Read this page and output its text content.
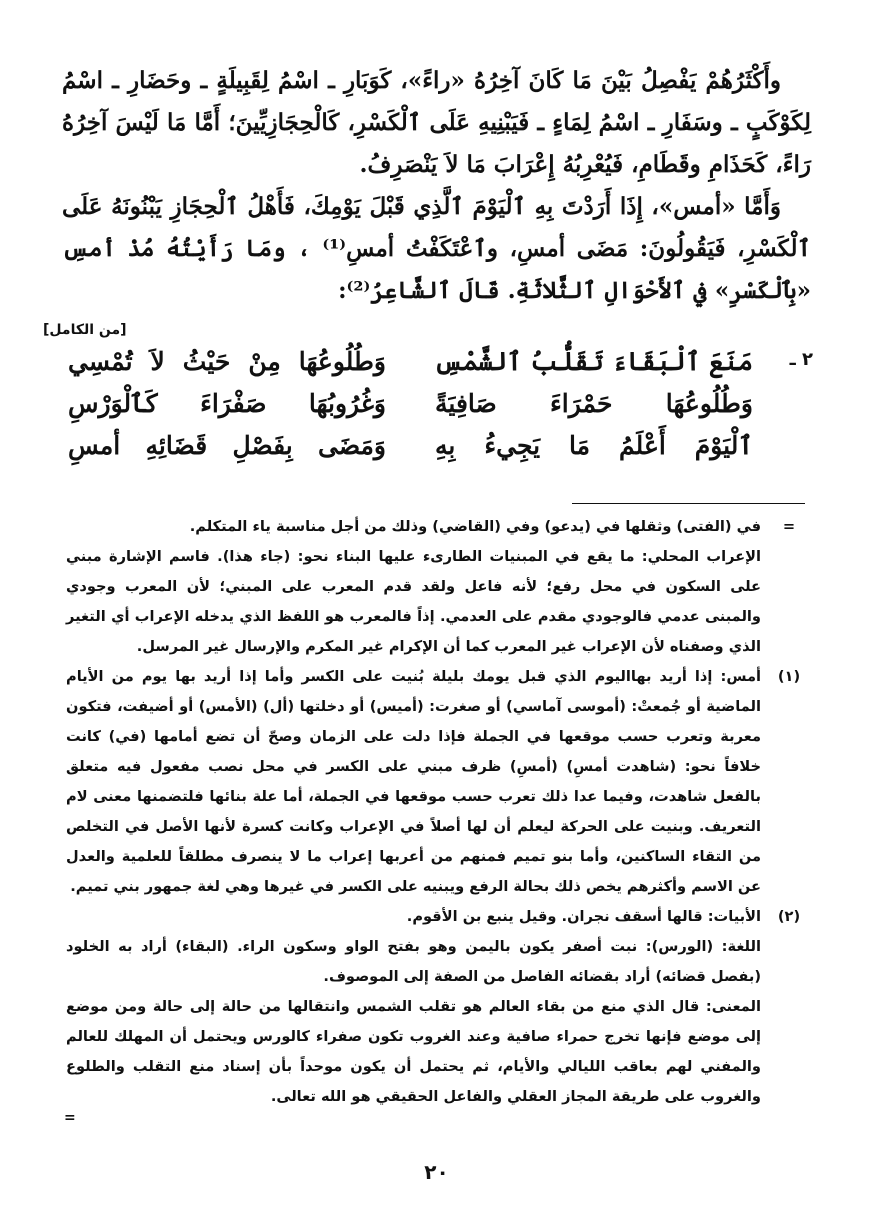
وأَكْثَرُهُمْ يَفْصِلُ بَيْنَ مَا كَانَ آخِرُهُ «راءً»، كَوَبَارِ ـ اسْمُ لِقَبِيلَةٍ ـ وحَضَارِ ـ اسْمُ لِكَوْكَبٍ ـ وسَفَارِ ـ اسْمُ لِمَاءٍ ـ فَيَبْنِيهِ عَلَى ٱلْكَسْرِ، كَالْحِجَازِيِّينَ؛ أَمَّا مَا لَيْسَ آخِرُهُ رَاءً، كَحَذَامِ وقَطَامِ، فَيُعْرِبُهُ إِعْرَابَ مَا لاَ يَنْصَرِفُ.

وَأَمَّا «أمس»، إِذَا أَرَدْتَ بِهِ ٱلْيَوْمَ ٱلَّذِي قَبْلَ يَوْمِكَ، فَأَهْلُ ٱلْحِجَازِ يَبْنُونَهُ عَلَى ٱلْكَسْرِ، فَيَقُولُونَ: مَضَى أمسِ، وٱعْتَكَفْتُ أمسِ⁽¹⁾ ، ومَا رَأَيْتُهُ مُذْ أمسِ «بِٱلْكَسْرِ» في ٱلأَحْوَالِ ٱلثَّلاثَةِ. قَالَ ٱلشَّاعِرُ⁽²⁾:

[من الكامل]
٢ ـ
مَنَعَ ٱلْبَقَاءَ تَقَلُّبُ ٱلشَّمْسِ
وَطُلُوعُهَا مِنْ حَيْثُ لاَ تُمْسِي
وَطُلُوعُهَا حَمْرَاءَ صَافِيَةً
وَغُرُوبُهَا صَفْرَاءَ كَٱلْوَرْسِ
ٱلْيَوْمَ أَعْلَمُ مَا يَجِيءُ بِهِ
وَمَضَى بِفَصْلِ قَضَائِهِ أمسِ

=
في (الفتى) وثقلها في (يدعو) وفي (القاضي) وذلك من أجل مناسبة ياء المتكلم.

الإعراب المحلي: ما يقع في المبنيات الطارىء عليها البناء نحو: (جاء هذا). فاسم الإشارة مبني على السكون في محل رفع؛ لأنه فاعل ولقد قدم المعرب على المبني؛ لأن المعرب وجودي والمبنى عدمي فالوجودي مقدم على العدمي. إذاً فالمعرب هو اللفظ الذي يدخله الإعراب أي التغير الذي وصفناه لأن الإعراب غير المعرب كما أن الإكرام غير المكرم والإرسال غير المرسل.

(١)
أمس: إذا أريد بهااليوم الذي قبل يومك بليلة بُنيت على الكسر وأما إذا أريد بها يوم من الأيام الماضية أو جُمعتْ: (أموسى آماسي) أو صغرت: (أميس) أو دخلتها (أل) (الأمس) أو أضيفت، فتكون معربة وتعرب حسب موقعها في الجملة فإذا دلت على الزمان وصحّ أن تضع أمامها (في) كانت خلافاً نحو: (شاهدت أمسِ) (أمسِ) ظرف مبني على الكسر في محل نصب مفعول فيه متعلق بالفعل شاهدت، وفيما عدا ذلك تعرب حسب موقعها في الجملة، أما علة بنائها فلتضمنها معنى لام التعريف. وبنيت على الحركة ليعلم أن لها أصلاً في الإعراب وكانت كسرة لأنها الأصل في التخلص من التقاء الساكنين، وأما بنو تميم فمنهم من أعربها إعراب ما لا ينصرف مطلقاً للعلمية والعدل عن الاسم وأكثرهم يخص ذلك بحالة الرفع ويبنيه على الكسر في غيرها وهي لغة جمهور بني تميم.

(٢)
الأبيات: قالها أسقف نجران. وقيل ينبع بن الأقوم.

اللغة: (الورس): نبت أصفر يكون باليمن وهو بفتح الواو وسكون الراء. (البقاء) أراد به الخلود (بفصل قضائه) أراد بقضائه الفاصل من الصفة إلى الموصوف.

المعنى: قال الذي منع من بقاء العالم هو تقلب الشمس وانتقالها من حالة إلى حالة ومن موضع إلى موضع فإنها تخرج حمراء صافية وعند الغروب تكون صفراء كالورس ويحتمل أن المهلك للعالم والمفني لهم بعاقب الليالي والأيام، ثم يحتمل أن يكون موحداً بأن إسناد منع التقلب والطلوع والغروب على طريقة المجاز العقلي والفاعل الحقيقي هو الله تعالى.

=
٢٠
